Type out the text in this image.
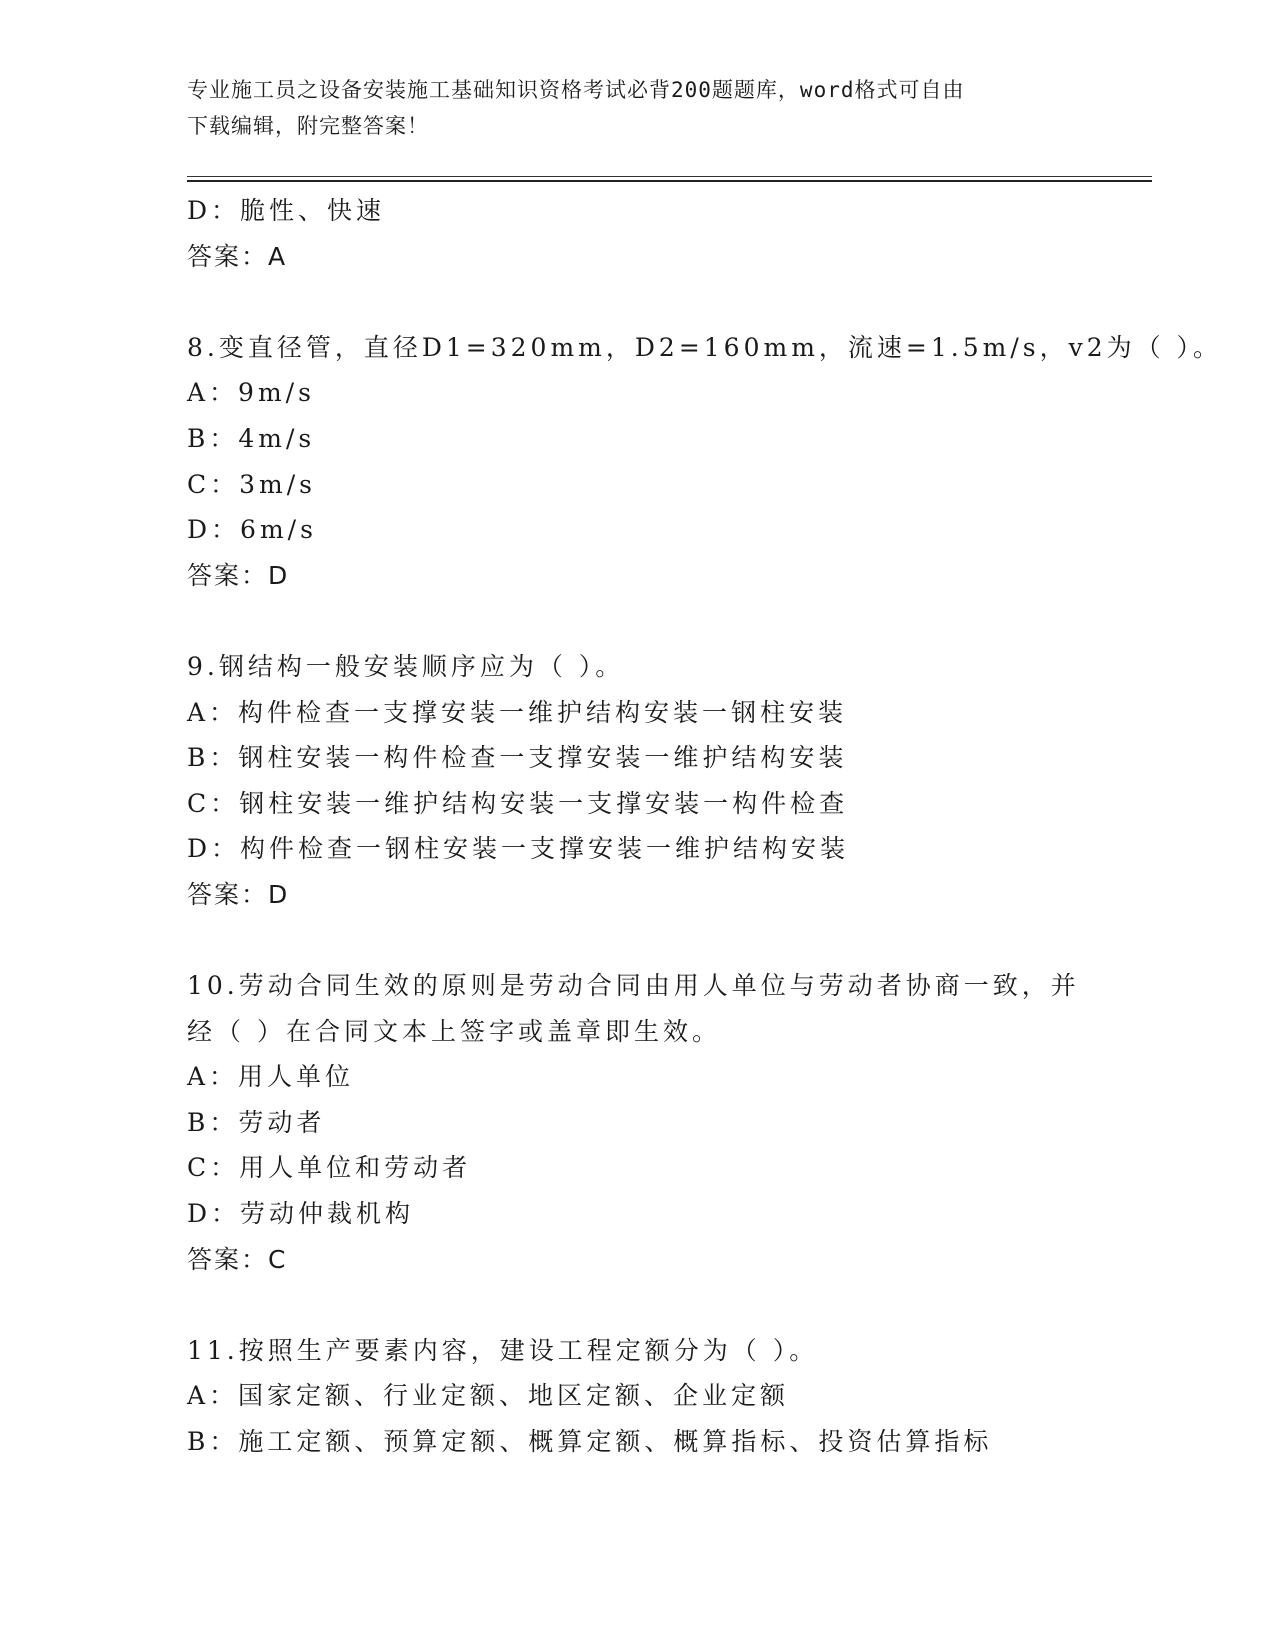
专业施工员之设备安装施工基础知识资格考试必背200题题库，word格式可自由
下载编辑，附完整答案！
D：脆性、快速
答案：A
8.变直径管，直径D1=320mm，D2=160mm，流速=1.5m/s，v2为（ ）。
A：9m/s
B：4m/s
C：3m/s
D：6m/s
答案：D
9.钢结构一般安装顺序应为（ ）。
A：构件检查一支撑安装一维护结构安装一钢柱安装
B：钢柱安装一构件检查一支撑安装一维护结构安装
C：钢柱安装一维护结构安装一支撑安装一构件检查
D：构件检查一钢柱安装一支撑安装一维护结构安装
答案：D
10.劳动合同生效的原则是劳动合同由用人单位与劳动者协商一致，并
经（ ）在合同文本上签字或盖章即生效。
A：用人单位
B：劳动者
C：用人单位和劳动者
D：劳动仲裁机构
答案：C
11.按照生产要素内容，建设工程定额分为（ ）。
A：国家定额、行业定额、地区定额、企业定额
B：施工定额、预算定额、概算定额、概算指标、投资估算指标
